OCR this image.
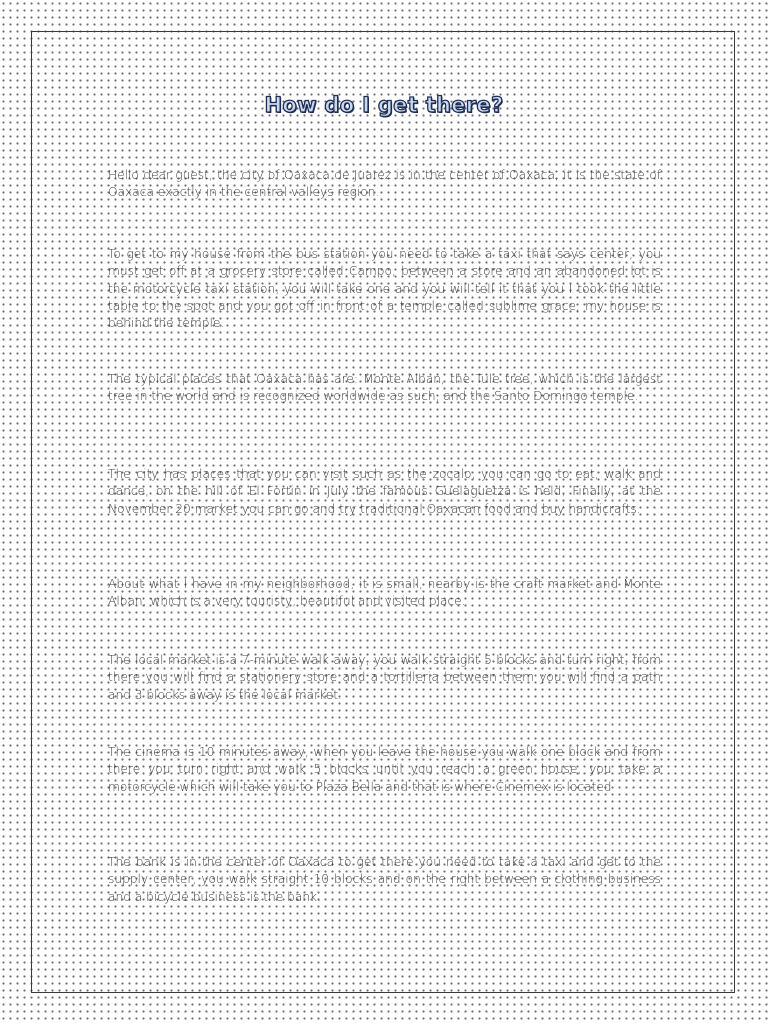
How do I get there?

Hello dear guest, the city of Oaxaca de Juarez is in the center of Oaxaca, it is the state of Oaxaca exactly in the central valleys region.

To get to my house from the bus station you need to take a taxi that says center, you must get off at a grocery store called Campo, between a store and an abandoned lot is the motorcycle taxi station, you will take one and you will tell it that you I took the little table to the spot and you got off in front of a temple called sublime grace, my house is behind the temple.

The typical places that Oaxaca has are: Monte Alban, the Tule tree, which is the largest tree in the world and is recognized worldwide as such, and the Santo Domingo temple.

The city has places that you can visit such as the zocalo, you can go to eat, walk and dance, on the hill of El Fortin in July the famous Guelaguetza is held, Finally, at the November 20 market you can go and try traditional Oaxacan food and buy handicrafts.

About what I have in my neighborhood, it is small, nearby is the craft market and Monte Alban, which is a very touristy, beautiful and visited place.

The local market is a 7-minute walk away, you walk straight 5 blocks and turn right, from there you will find a stationery store and a tortilleria between them you will find a path and 3 blocks away is the local market.

The cinema is 10 minutes away, when you leave the house you walk one block and from there you turn right and walk 5 blocks until you reach a green house, you take a motorcycle which will take you to Plaza Bella and that is where Cinemex is located

The bank is in the center of Oaxaca to get there you need to take a taxi and get to the supply center, you walk straight 10 blocks and on the right between a clothing business and a bicycle business is the bank.
